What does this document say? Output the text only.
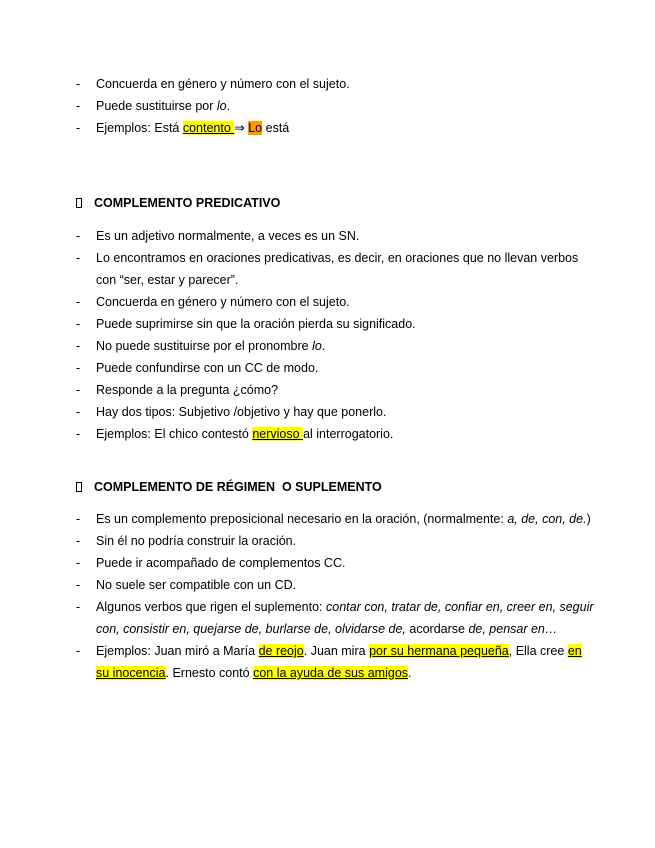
- Concuerda en género y número con el sujeto.
- Puede sustituirse por lo.
- Ejemplos: Está contento ⇒ Lo está
COMPLEMENTO PREDICATIVO
- Es un adjetivo normalmente, a veces es un SN.
- Lo encontramos en oraciones predicativas, es decir, en oraciones que no llevan verbos con “ser, estar y parecer”.
- Concuerda en género y número con el sujeto.
- Puede suprimirse sin que la oración pierda su significado.
- No puede sustituirse por el pronombre lo.
- Puede confundirse con un CC de modo.
- Responde a la pregunta ¿cómo?
- Hay dos tipos: Subjetivo /objetivo y hay que ponerlo.
- Ejemplos: El chico contestó nervioso al interrogatorio.
COMPLEMENTO DE RÉGIMEN  O SUPLEMENTO
- Es un complemento preposicional necesario en la oración, (normalmente: a, de, con, de.)
- Sin él no podría construir la oración.
- Puede ir acompañado de complementos CC.
- No suele ser compatible con un CD.
- Algunos verbos que rigen el suplemento: contar con, tratar de, confiar en, creer en, seguir con, consistir en, quejarse de, burlarse de, olvidarse de, acordarse de, pensar en…
- Ejemplos: Juan miró a María de reojo. Juan mira por su hermana pequeña, Ella cree en su inocencia. Ernesto contó con la ayuda de sus amigos.
